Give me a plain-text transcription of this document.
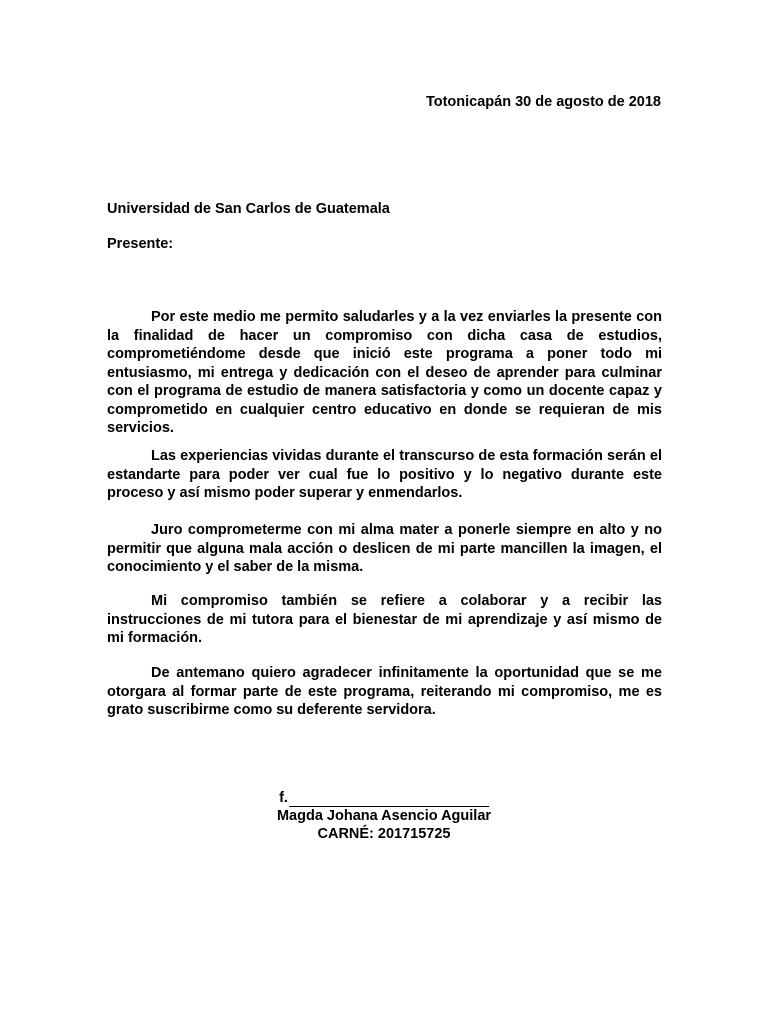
Totonicapán 30 de agosto de 2018
Universidad de San Carlos de Guatemala
Presente:
Por este medio me permito saludarles y a la vez enviarles la presente con la finalidad de hacer un compromiso con dicha casa de estudios, comprometiéndome desde que inició este programa a poner todo mi entusiasmo, mi entrega y dedicación con el deseo de aprender para culminar con el programa de estudio de manera satisfactoria y como un docente capaz y comprometido en cualquier centro educativo en donde se requieran de mis servicios.
Las experiencias vividas durante el transcurso de esta formación serán el estandarte para poder ver cual fue lo positivo y lo negativo durante este proceso y así mismo poder superar y enmendarlos.
Juro comprometerme con mi alma mater a ponerle siempre en alto y no permitir que alguna mala acción o deslicen de mi parte mancillen la imagen, el conocimiento y el saber de la misma.
Mi compromiso también se refiere a colaborar y a recibir las instrucciones de mi tutora para el bienestar de mi aprendizaje y así mismo de mi formación.
De antemano quiero agradecer infinitamente la oportunidad que se me otorgara al formar parte de este programa, reiterando mi compromiso, me es grato suscribirme como su deferente servidora.
f.
Magda Johana Asencio Aguilar
CARNÉ: 201715725
